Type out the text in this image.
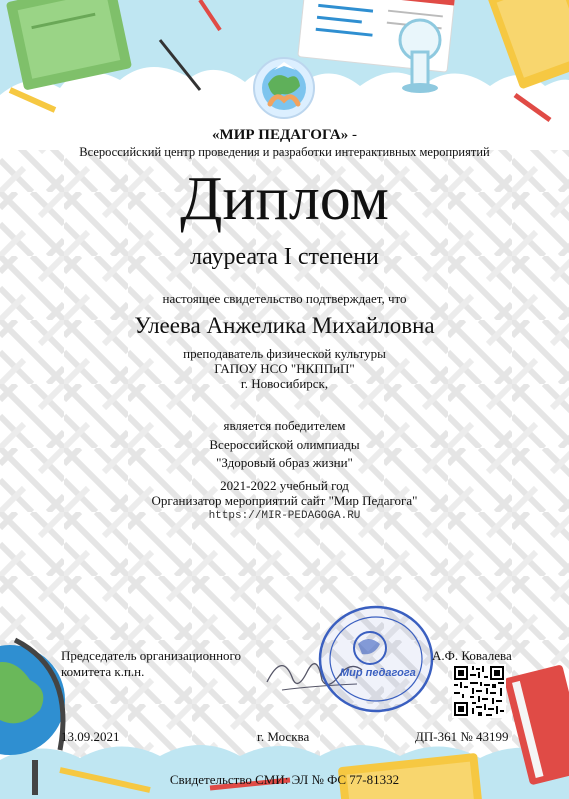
«МИР ПЕДАГОГА» -
Всероссийский центр проведения и разработки интерактивных мероприятий
Диплом
лауреата I степени
настоящее свидетельство подтверждает, что
Улеева Анжелика Михайловна
преподаватель физической культуры
ГАПОУ НСО "НКППиП"
г. Новосибирск,
является победителем
Всероссийской олимпиады
"Здоровый образ жизни"
2021-2022 учебный год
Организатор мероприятий сайт "Мир Педагога"
https://MIR-PEDAGOGA.RU
Председатель организационного
комитета к.п.н.	Мир педагога
А.Ф. Ковалева
13.09.2021	г. Москва	ДП-361 № 43199
Свидетельство СМИ: ЭЛ № ФС 77-81332
